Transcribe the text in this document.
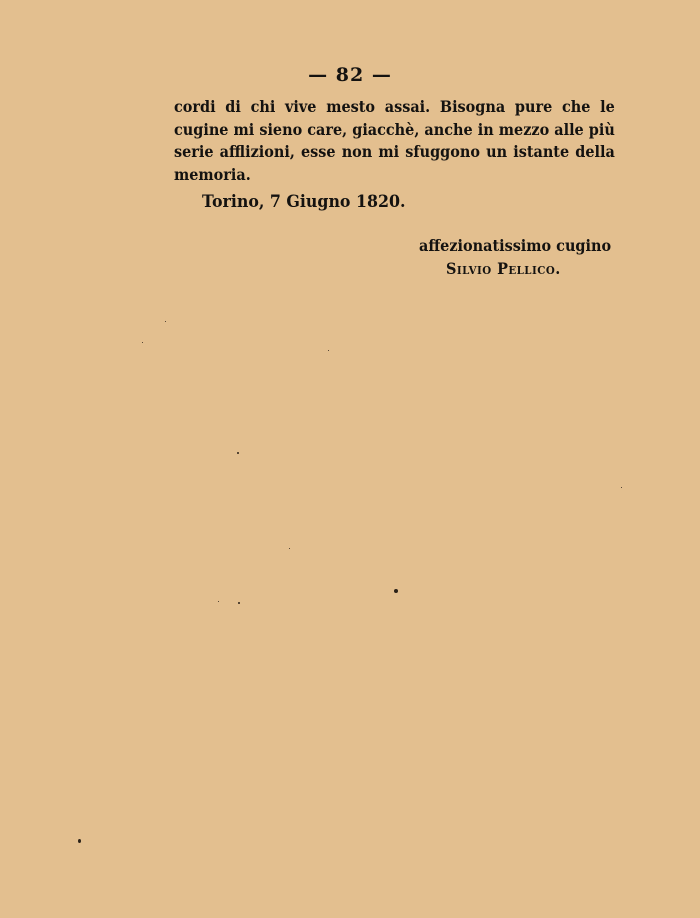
— 82 —

cordi di chi vive mesto assai. Bisogna pure che le cugine mi sieno care, giacchè, anche in mezzo alle più serie afflizioni, esse non mi sfuggono un istante della memoria.

Torino, 7 Giugno 1820.
affezionatissimo cugino
Silvio Pellico.
